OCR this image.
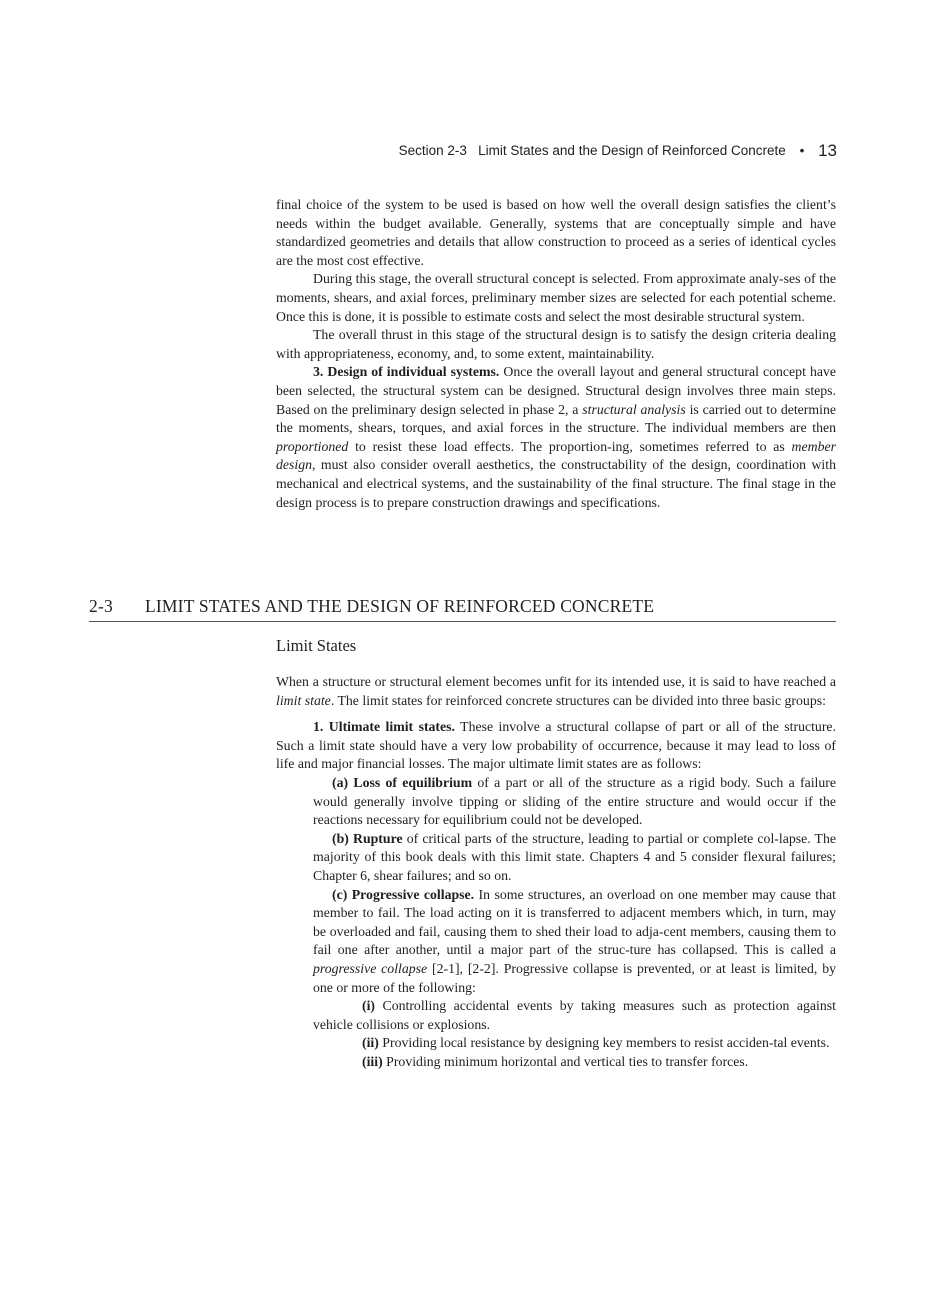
Section 2-3 Limit States and the Design of Reinforced Concrete • 13

final choice of the system to be used is based on how well the overall design satisfies the client’s needs within the budget available. Generally, systems that are conceptually simple and have standardized geometries and details that allow construction to proceed as a series of identical cycles are the most cost effective.

During this stage, the overall structural concept is selected. From approximate analy-ses of the moments, shears, and axial forces, preliminary member sizes are selected for each potential scheme. Once this is done, it is possible to estimate costs and select the most desirable structural system.

The overall thrust in this stage of the structural design is to satisfy the design criteria dealing with appropriateness, economy, and, to some extent, maintainability.

3. Design of individual systems. Once the overall layout and general structural concept have been selected, the structural system can be designed. Structural design involves three main steps. Based on the preliminary design selected in phase 2, a structural analysis is carried out to determine the moments, shears, torques, and axial forces in the structure. The individual members are then proportioned to resist these load effects. The proportion-ing, sometimes referred to as member design, must also consider overall aesthetics, the constructability of the design, coordination with mechanical and electrical systems, and the sustainability of the final structure. The final stage in the design process is to prepare construction drawings and specifications.

2-3 LIMIT STATES AND THE DESIGN OF REINFORCED CONCRETE
Limit States

When a structure or structural element becomes unfit for its intended use, it is said to have reached a limit state. The limit states for reinforced concrete structures can be divided into three basic groups:

1. Ultimate limit states. These involve a structural collapse of part or all of the structure. Such a limit state should have a very low probability of occurrence, because it may lead to loss of life and major financial losses. The major ultimate limit states are as follows:

(a) Loss of equilibrium of a part or all of the structure as a rigid body. Such a failure would generally involve tipping or sliding of the entire structure and would occur if the reactions necessary for equilibrium could not be developed.

(b) Rupture of critical parts of the structure, leading to partial or complete col-lapse. The majority of this book deals with this limit state. Chapters 4 and 5 consider flexural failures; Chapter 6, shear failures; and so on.

(c) Progressive collapse. In some structures, an overload on one member may cause that member to fail. The load acting on it is transferred to adjacent members which, in turn, may be overloaded and fail, causing them to shed their load to adja-cent members, causing them to fail one after another, until a major part of the struc-ture has collapsed. This is called a progressive collapse [2-1], [2-2]. Progressive collapse is prevented, or at least is limited, by one or more of the following:

(i) Controlling accidental events by taking measures such as protection against vehicle collisions or explosions.

(ii) Providing local resistance by designing key members to resist acciden-tal events.

(iii) Providing minimum horizontal and vertical ties to transfer forces.
